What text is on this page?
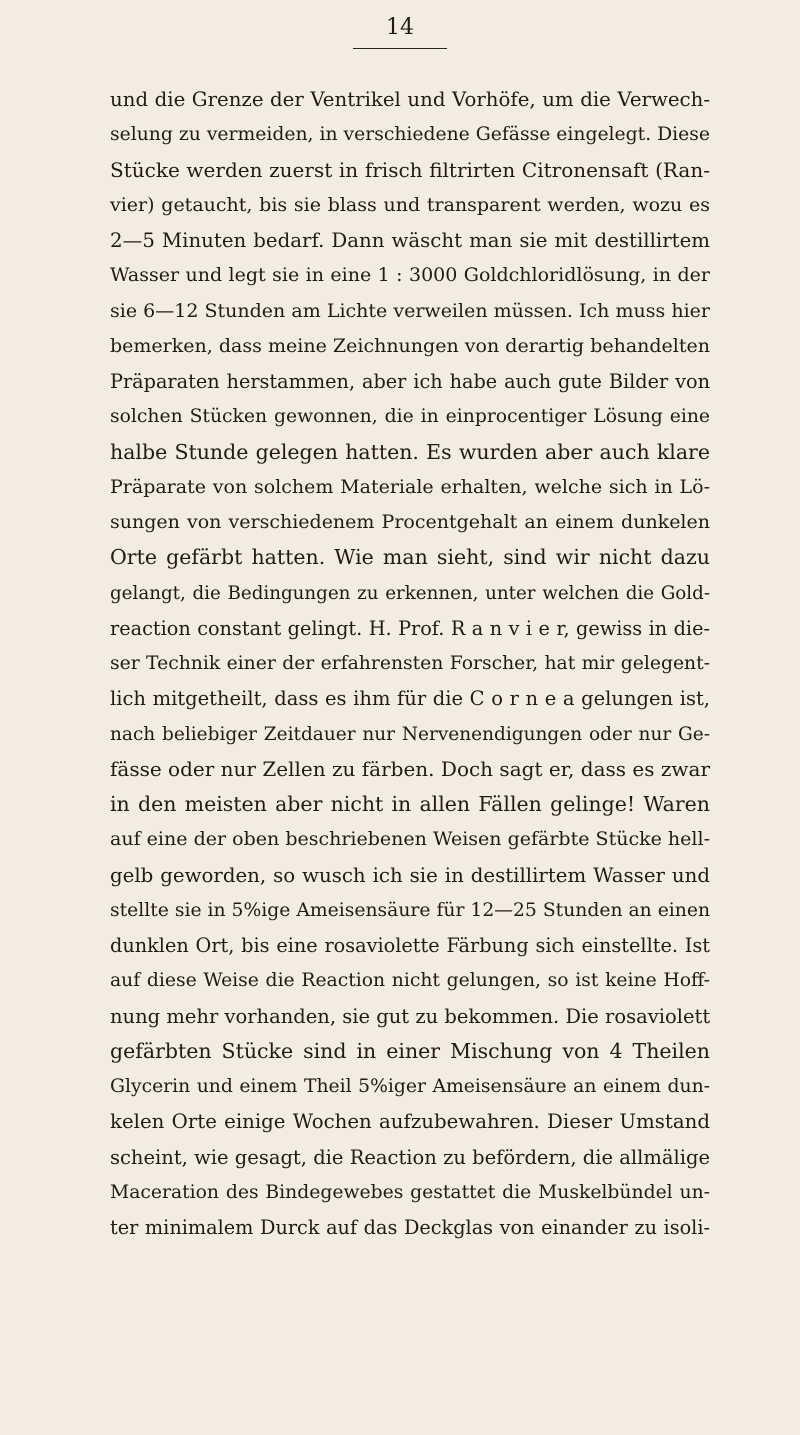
14
und die Grenze der Ventrikel und Vorhöfe, um die Verwech-
selung zu vermeiden, in verschiedene Gefässe eingelegt. Diese
Stücke werden zuerst in frisch filtrirten Citronensaft (Ran-
vier) getaucht, bis sie blass und transparent werden, wozu es
2—5 Minuten bedarf. Dann wäscht man sie mit destillirtem
Wasser und legt sie in eine 1 : 3000 Goldchloridlösung, in der
sie 6—12 Stunden am Lichte verweilen müssen. Ich muss hier
bemerken, dass meine Zeichnungen von derartig behandelten
Präparaten herstammen, aber ich habe auch gute Bilder von
solchen Stücken gewonnen, die in einprocentiger Lösung eine
halbe Stunde gelegen hatten. Es wurden aber auch klare
Präparate von solchem Materiale erhalten, welche sich in Lö-
sungen von verschiedenem Procentgehalt an einem dunkelen
Orte gefärbt hatten. Wie man sieht, sind wir nicht dazu
gelangt, die Bedingungen zu erkennen, unter welchen die Gold-
reaction constant gelingt. H. Prof. R a n v i e r, gewiss in die-
ser Technik einer der erfahrensten Forscher, hat mir gelegent-
lich mitgetheilt, dass es ihm für die C o r n e a gelungen ist,
nach beliebiger Zeitdauer nur Nervenendigungen oder nur Ge-
fässe oder nur Zellen zu färben. Doch sagt er, dass es zwar
in den meisten aber nicht in allen Fällen gelinge! Waren
auf eine der oben beschriebenen Weisen gefärbte Stücke hell-
gelb geworden, so wusch ich sie in destillirtem Wasser und
stellte sie in 5%ige Ameisensäure für 12—25 Stunden an einen
dunklen Ort, bis eine rosaviolette Färbung sich einstellte. Ist
auf diese Weise die Reaction nicht gelungen, so ist keine Hoff-
nung mehr vorhanden, sie gut zu bekommen. Die rosaviolett
gefärbten Stücke sind in einer Mischung von 4 Theilen
Glycerin und einem Theil 5%iger Ameisensäure an einem dun-
kelen Orte einige Wochen aufzubewahren. Dieser Umstand
scheint, wie gesagt, die Reaction zu befördern, die allmälige
Maceration des Bindegewebes gestattet die Muskelbündel un-
ter minimalem Durck auf das Deckglas von einander zu isoli-
